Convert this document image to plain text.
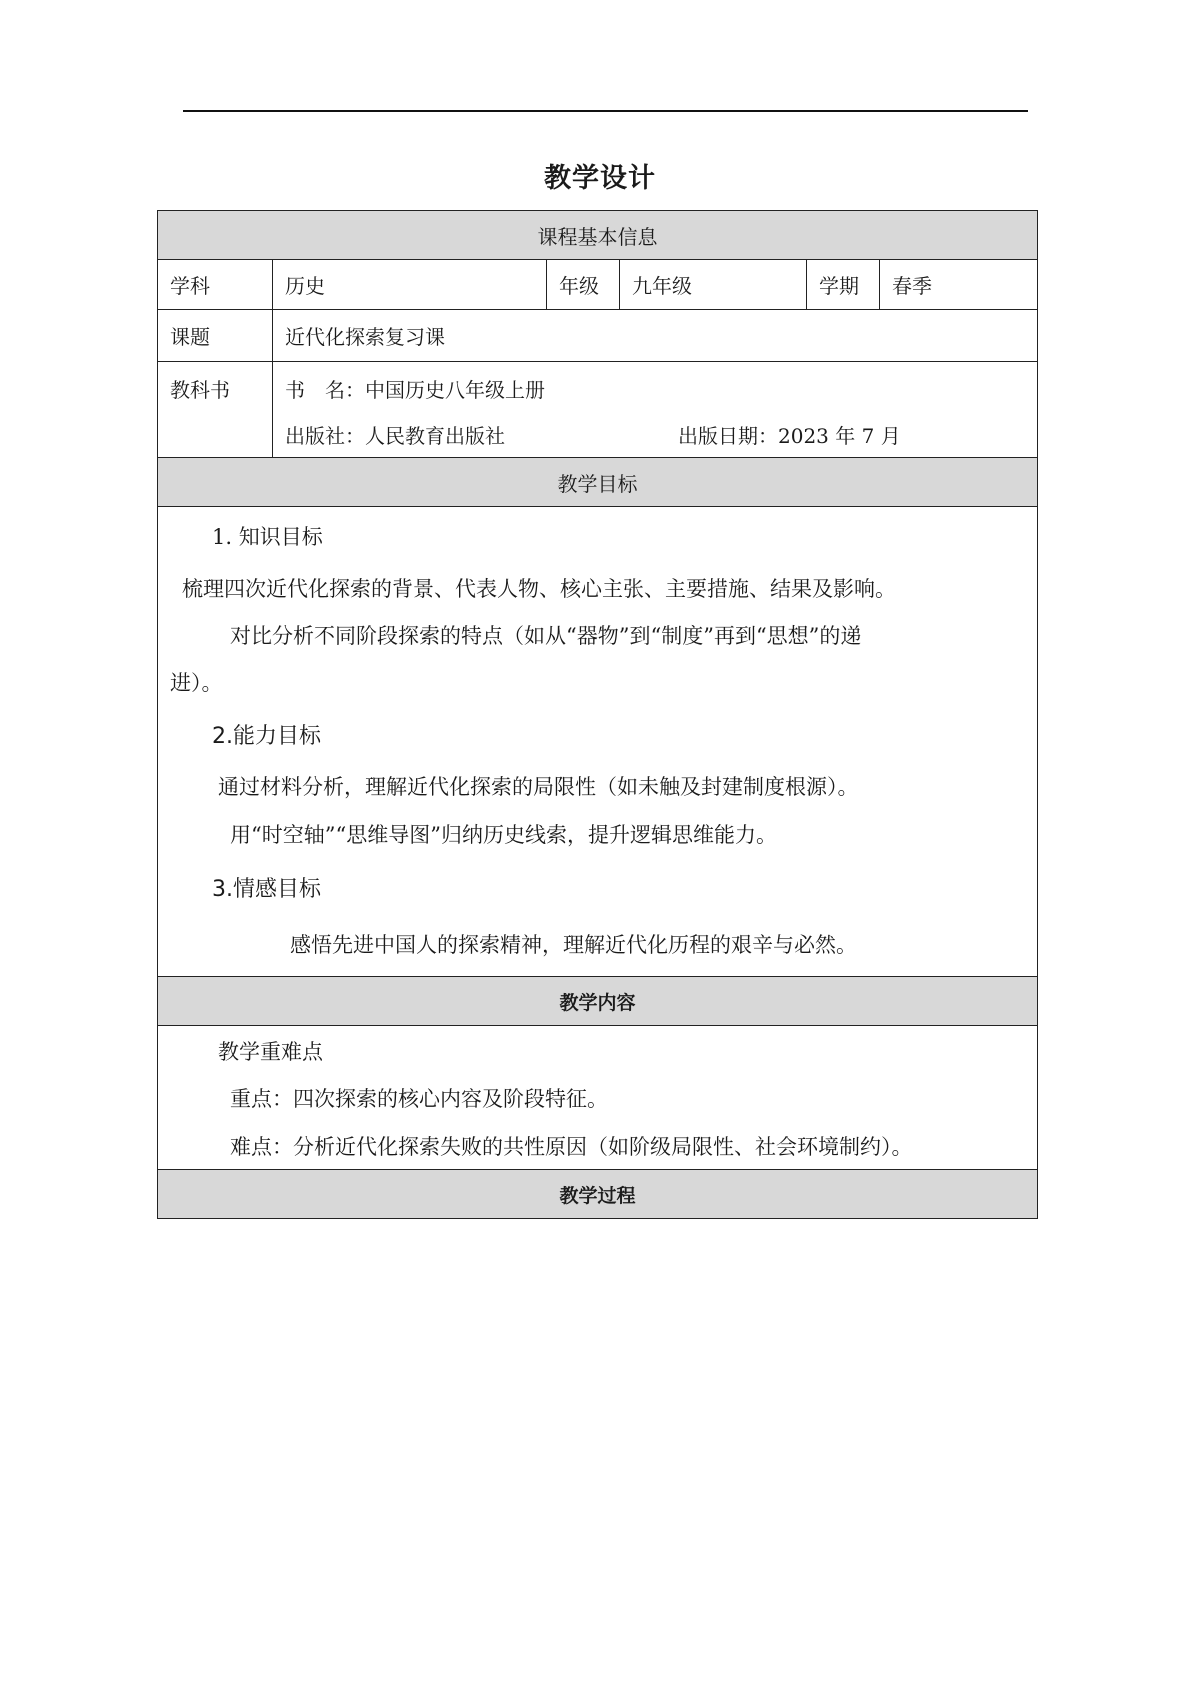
教学设计
课程基本信息
学科	历史	年级	九年级	学期	春季
课题	近代化探索复习课
教科书	书　名：中国历史八年级上册
出版社：人民教育出版社	出版日期：2023 年 7 月
教学目标
1. 知识目标
梳理四次近代化探索的背景、代表人物、核心主张、主要措施、结果及影响。
对比分析不同阶段探索的特点（如从“器物”到“制度”再到“思想”的递
进）。
2.能力目标
通过材料分析，理解近代化探索的局限性（如未触及封建制度根源）。
用“时空轴”“思维导图”归纳历史线索，提升逻辑思维能力。
3.情感目标
感悟先进中国人的探索精神，理解近代化历程的艰辛与必然。
教学内容
教学重难点
重点：四次探索的核心内容及阶段特征。
难点：分析近代化探索失败的共性原因（如阶级局限性、社会环境制约）。
教学过程
